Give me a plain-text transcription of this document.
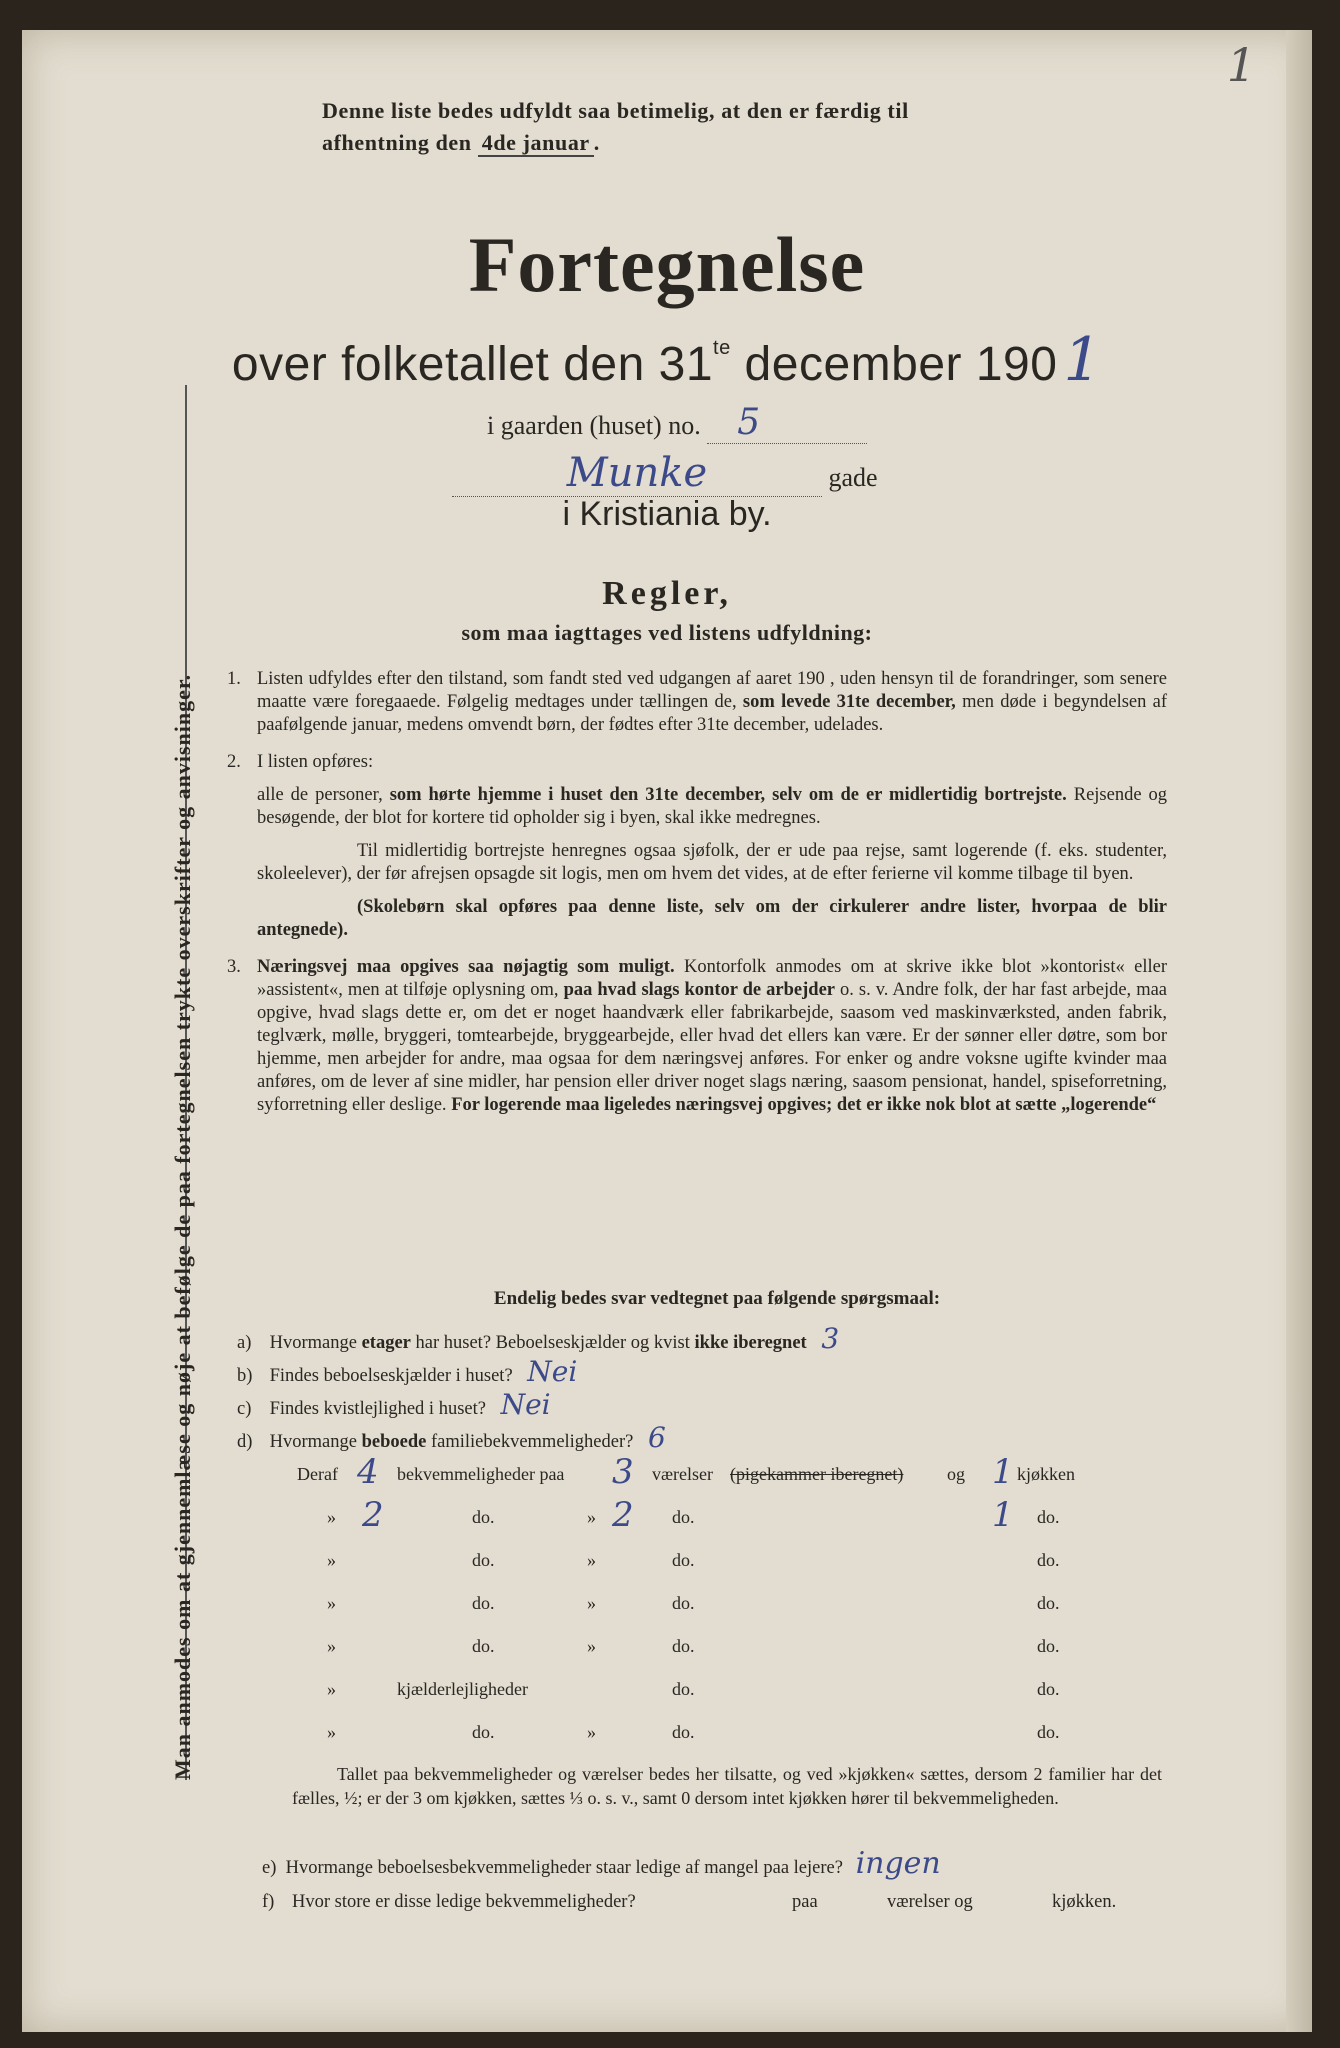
1
Man anmodes om at gjennemlæse og nøje at befølge de paa fortegnelsen trykte overskrifter og anvisninger.
Denne liste bedes udfyldt saa betimelig, at den er færdig til
afhentning den 4de januar .
Fortegnelse
over folketallet den $31^{te}$ december 190 1
i gaarden (huset) no. 5
Munke	gade
i Kristiania by.
Regler,
som maa iagttages ved listens udfyldning:
1. Listen udfyldes efter den tilstand, som fandt sted ved udgangen af aaret 190 , uden hensyn til de forandringer, som senere maatte være foregaaede. Følgelig medtages under tællingen de, som levede 31te december, men døde i begyndelsen af paafølgende januar, medens omvendt børn, der fødtes efter 31te december, udelades.

2. I listen opføres:

alle de personer, som hørte hjemme i huset den 31te december, selv om de er midlertidig bortrejste. Rejsende og besøgende, der blot for kortere tid opholder sig i byen, skal ikke medregnes.

Til midlertidig bortrejste henregnes ogsaa sjøfolk, der er ude paa rejse, samt logerende (f. eks. studenter, skoleelever), der før afrejsen opsagde sit logis, men om hvem det vides, at de efter ferierne vil komme tilbage til byen.

(Skolebørn skal opføres paa denne liste, selv om der cirkulerer andre lister, hvorpaa de blir antegnede).

3. Næringsvej maa opgives saa nøjagtig som muligt. Kontorfolk anmodes om at skrive ikke blot »kontorist« eller »assistent«, men at tilføje oplysning om, paa hvad slags kontor de arbejder o. s. v. Andre folk, der har fast arbejde, maa opgive, hvad slags dette er, om det er noget haandværk eller fabrikarbejde, saasom ved maskinværksted, anden fabrik, teglværk, mølle, bryggeri, tomtearbejde, bryggearbejde, eller hvad det ellers kan være. Er der sønner eller døtre, som bor hjemme, men arbejder for andre, maa ogsaa for dem næringsvej anføres. For enker og andre voksne ugifte kvinder maa anføres, om de lever af sine midler, har pension eller driver noget slags næring, saasom pensionat, handel, spiseforretning, syforretning eller deslige. For logerende maa ligeledes næringsvej opgives; det er ikke nok blot at sætte „logerende“

Endelig bedes svar vedtegnet paa følgende spørgsmaal:
a) Hvormange etager har huset? Beboelseskjælder og kvist ikke iberegnet 3
b) Findes beboelseskjælder i huset? Nei
c) Findes kvistlejlighed i huset? Nei
d) Hvormange beboede familiebekvemmeligheder? 6
Deraf 4 bekvemmeligheder paa 3 værelser (pigekammer iberegnet) og 1 kjøkken
» 2	do.	» 2 do.	1 do.
»	do.	»	do.	do.
»	do.	»	do.	do.
»	do.	»	do.	do.
»	kjælderlejligheder	do.	do.
»	do.	»	do.	do.
Tallet paa bekvemmeligheder og værelser bedes her tilsatte, og ved »kjøkken« sættes, dersom 2 familier har det fælles, ½; er der 3 om kjøkken, sættes ⅓ o. s. v., samt 0 dersom intet kjøkken hører til bekvemmeligheden.
e) Hvormange beboelsesbekvemmeligheder staar ledige af mangel paa lejere? ingen
f) Hvor store er disse ledige bekvemmeligheder?	paa	værelser og	kjøkken.
